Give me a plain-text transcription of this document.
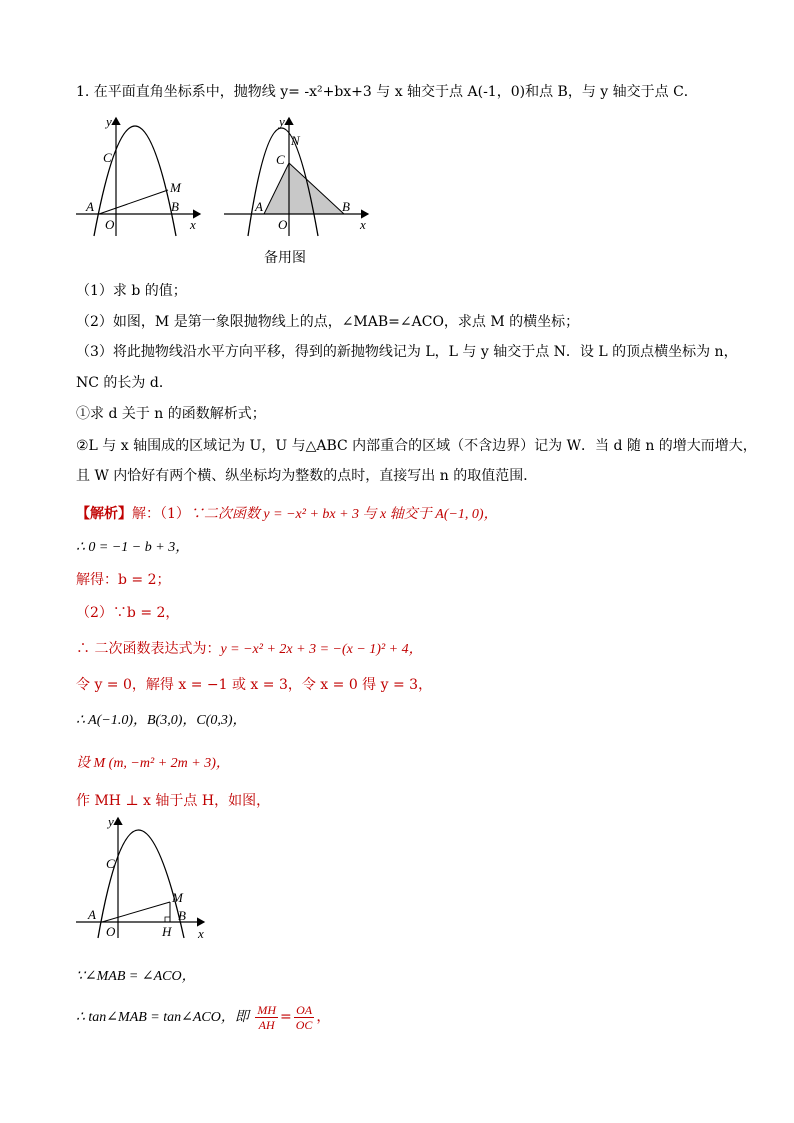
1. 在平面直角坐标系中，抛物线 y= -x²+bx+3 与 x 轴交于点 A(-1，0)和点 B，与 y 轴交于点 C．
y
x
C
A
O
M
B
y
x
N
C
A
O
B
备用图
（1）求 b 的值；
（2）如图，M 是第一象限抛物线上的点，∠MAB=∠ACO，求点 M 的横坐标；
（3）将此抛物线沿水平方向平移，得到的新抛物线记为 L，L 与 y 轴交于点 N．设 L 的顶点横坐标为 n，
NC 的长为 d．
①求 d 关于 n 的函数解析式；
②L 与 x 轴围成的区域记为 U，U 与△ABC 内部重合的区域（不含边界）记为 W．当 d 随 n 的增大而增大，
且 W 内恰好有两个横、纵坐标均为整数的点时，直接写出 n 的取值范围．
【解析】解：（1）∵二次函数 y = −x² + bx + 3 与 x 轴交于 A(−1, 0)，
∴ 0 = −1 − b + 3，
解得：b = 2；
（2）∵b = 2，
∴ 二次函数表达式为：y = −x² + 2x + 3 = −(x − 1)² + 4，
令 y = 0，解得 x = −1 或 x = 3，令 x = 0 得 y = 3，
∴ A(−1.0)，B(3,0)，C(0,3)，
设 M (m, −m² + 2m + 3)，
作 MH ⊥ x 轴于点 H，如图，
y
x
C
A
O
M
B
H
∵∠MAB = ∠ACO，
∴ tan∠MAB = tan∠ACO，即 $\frac{MH}{AH} = \frac{OA}{OC}$ ，
